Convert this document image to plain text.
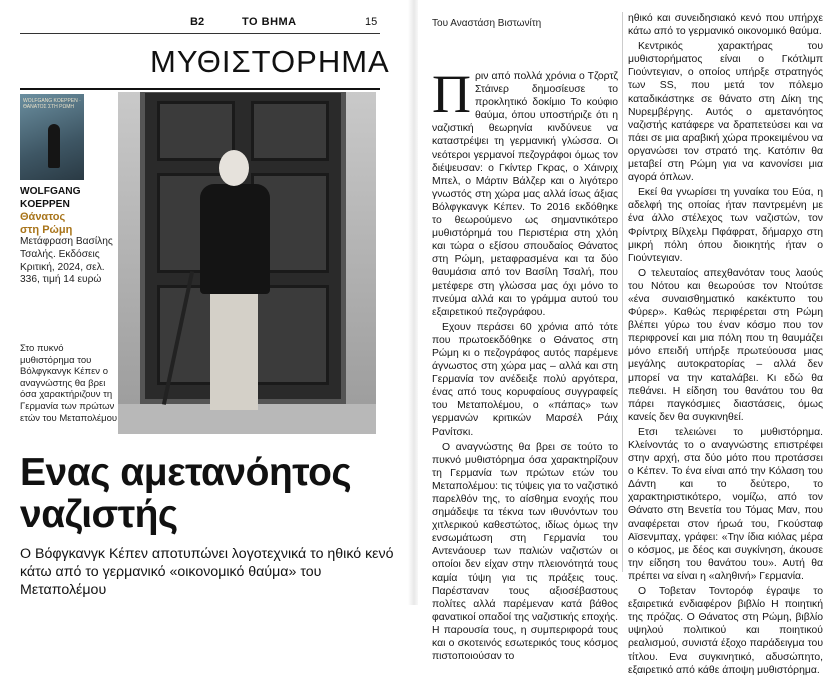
B2	ΤΟ ΒΗΜΑ	15
ΜΥΘΙΣΤΟΡΗΜΑ
WOLFGANG KOEPPEN · ΘΑΝΑΤΟΣ ΣΤΗ ΡΩΜΗ
WOLFGANG KOEPPEN
Θάνατος
στη Ρώμη
Μετάφραση Βασίλης Τσαλής. Εκδόσεις Κριτική, 2024, σελ. 336, τιμή 14 ευρώ
Στο πυκνό μυθιστόρημα του Βόλφγκανγκ Κέπεν ο αναγνώστης θα βρει όσα χαρακτήριζουν τη Γερμανία των πρώτων ετών του Μεταπολέμου
Ενας αμετανόητος ναζιστής
Ο Βόφγκανγκ Κέπεν αποτυπώνει λογοτεχνικά το ηθικό κενό κάτω από το γερμανικό «οικονομικό θαύμα» του Μεταπολέμου
Του Αναστάση Βιστωνίτη

Πριν από πολλά χρόνια ο Τζορτζ Στάινερ δημοσίευσε το προκλητικό δοκίμιο Το κούφιο θαύμα, όπου υποστήριζε ότι η ναζιστική θεωρηνία κινδύνευε να καταστρέψει τη γερμανική γλώσσα. Οι νεότεροι γερμανοί πεζογράφοι όμως τον διέψευσαν: ο Γκίντερ Γκρας, ο Χάινριχ Μπελ, ο Μάρτιν Βάλζερ και ο λιγότερο γνωστός στη χώρα μας αλλά ίσως άξιας Βόλφγκανγκ Κέπεν. Το 2016 εκδόθηκε το θεωρούμενο ως σημαντικότερο μυθιστόρημά του Περιστέρια στη χλόη και τώρα ο εξίσου σπουδαίος Θάνατος στη Ρώμη, μεταφρασμένα και τα δύο θαυμάσια από τον Βασίλη Τσαλή, που μετέφερε στη γλώσσα μας όχι μόνο το πνεύμα αλλά και το γράμμα αυτού του εξαιρετικού πεζογράφου.

Εχουν περάσει 60 χρόνια από τότε που πρωτοεκδόθηκε ο Θάνατος στη Ρώμη κι ο πεζογράφος αυτός παρέμενε άγνωστος στη χώρα μας – αλλά και στη Γερμανία τον ανέδειξε πολύ αργότερα, ένας από τους κορυφαίους συγγραφείς του Μεταπολέμου, ο «πάπας» των γερμανών κριτικών Μαρσέλ Ράιχ Ρανίτσκι.

Ο αναγνώστης θα βρει σε τούτο το πυκνό μυθιστόρημα όσα χαρακτηρίζουν τη Γερμανία των πρώτων ετών του Μεταπολέμου: τις τύψεις για το ναζιστικό παρελθόν της, το αίσθημα ενοχής που σημάδεψε τα τέκνα των ιθυνόντων του χιτλερικού καθεστώτος, ιδίως όμως την ενσωμάτωση στη Γερμανία του Αντενάουερ των παλιών ναζιστών οι οποίοι δεν είχαν στην πλειονότητά τους καμία τύψη για τις πράξεις τους. Παρέσταναν τους αξιοσέβαστους πολίτες αλλά παρέμεναν κατά βάθος φανατικοί οπαδοί της ναζιστικής εποχής. Η παρουσία τους, η συμπεριφορά τους και ο σκοτεινός εσωτερικός τους κόσμος πιστοποιούσαν το

ηθικό και συνειδησιακό κενό που υπήρχε κάτω από το γερμανικό οικονομικό θαύμα.

Κεντρικός χαρακτήρας του μυθιστορήματος είναι ο Γκότλιμπ Γιούντεγιαν, ο οποίος υπήρξε στρατηγός των SS, που μετά τον πόλεμο καταδικάστηκε σε θάνατο στη Δίκη της Νυρεμβέργης. Αυτός ο αμετανόητος ναζιστής κατάφερε να δραπετεύσει και να πάει σε μια αραβική χώρα προκειμένου να οργανώσει τον στρατό της. Κατόπιν θα μεταβεί στη Ρώμη για να κανονίσει μια αγορά όπλων.

Εκεί θα γνωρίσει τη γυναίκα του Εύα, η αδελφή της οποίας ήταν παντρεμένη με ένα άλλο στέλεχος των ναζιστών, τον Φρίντριχ Βίλχελμ Πφάφρατ, δήμαρχο στη μικρή πόλη όπου διοικητής ήταν ο Γιούντεγιαν.

Ο τελευταίος απεχθανόταν τους λαούς του Νότου και θεωρούσε τον Ντούτσε «ένα συναισθηματικό κακέκτυπο του Φύρερ». Καθώς περιφέρεται στη Ρώμη βλέπει γύρω του έναν κόσμο που τον περιφρονεί και μια πόλη που τη θαυμάζει μόνο επειδή υπήρξε πρωτεύουσα μιας μεγάλης αυτοκρατορίας – αλλά δεν μπορεί να την καταλάβει. Κι εδώ θα πεθάνει. Η είδηση του θανάτου του θα πάρει παγκόσμιες διαστάσεις, όμως κανείς δεν θα συγκινηθεί.

Ετσι τελειώνει το μυθιστόρημα. Κλείνοντάς το ο αναγνώστης επιστρέφει στην αρχή, στα δύο μότο που προτάσσει ο Κέπεν. Το ένα είναι από την Κόλαση του Δάντη και το δεύτερο, το χαρακτηριστικότερο, νομίζω, από τον Θάνατο στη Βενετία του Τόμας Μαν, που αναφέρεται στον ήρωά του, Γκούσταφ Αϊσενμπαχ, γράφει: «Την ίδια κιόλας μέρα ο κόσμος, με δέος και συγκίνηση, άκουσε την είδηση του θανάτου του». Αυτή θα πρέπει να είναι η «αληθινή» Γερμανία.

Ο Τοβεταν Τοντορόφ έγραψε το εξαιρετικά ενδιαφέρον βιβλίο Η ποιητική της πρόζας. Ο Θάνατος στη Ρώμη, βιβλίο υψηλού πολιτικού και ποιητικού ρεαλισμού, συνιστά έξοχο παράδειγμα του τίτλου. Ενα συγκινητικό, αδυσώπητο, εξαιρετικό από κάθε άποψη μυθιστόρημα.
